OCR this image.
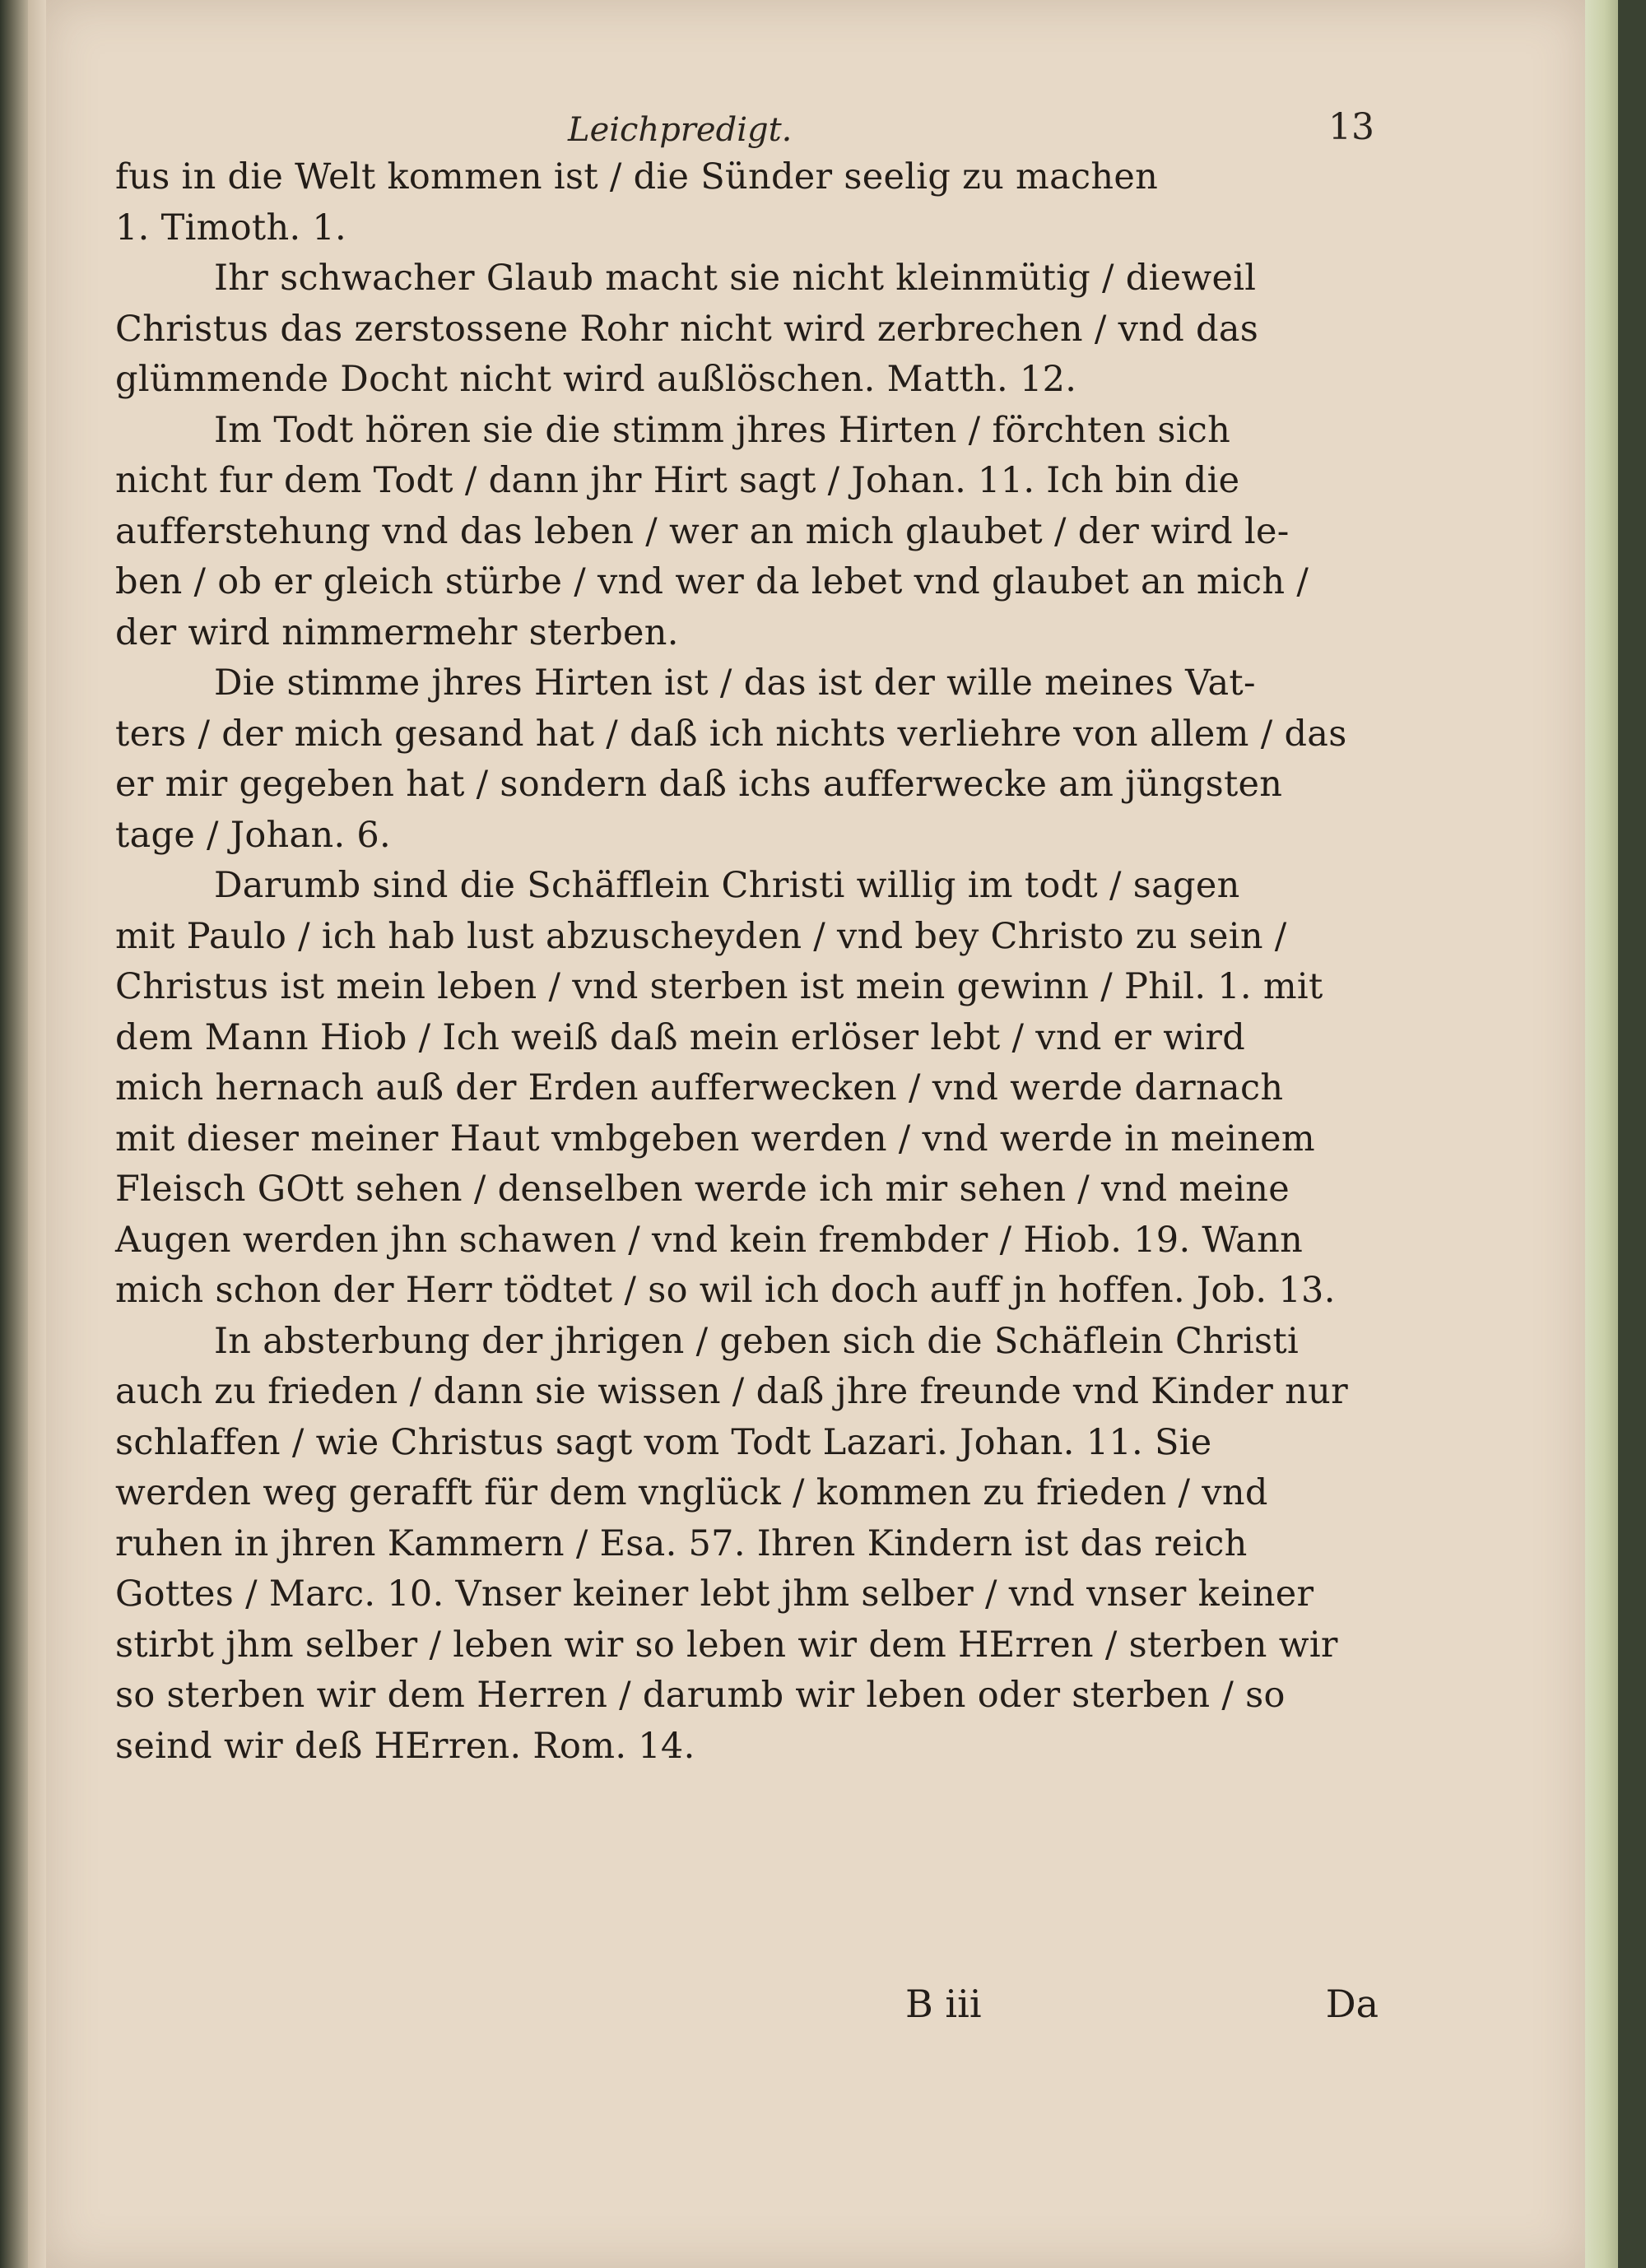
Leichpredigt.	13

fus in die Welt kommen ist / die Sünder seelig zu machen
1. Timoth. 1.

Ihr schwacher Glaub macht sie nicht kleinmütig / dieweil
Christus das zerstossene Rohr nicht wird zerbrechen / vnd das
glümmende Docht nicht wird außlöschen. Matth. 12.

Im Todt hören sie die stimm jhres Hirten / förchten sich
nicht fur dem Todt / dann jhr Hirt sagt / Johan. 11. Ich bin die
aufferstehung vnd das leben / wer an mich glaubet / der wird le-
ben / ob er gleich stürbe / vnd wer da lebet vnd glaubet an mich /
der wird nimmermehr sterben.

Die stimme jhres Hirten ist / das ist der wille meines Vat-
ters / der mich gesand hat / daß ich nichts verliehre von allem / das
er mir gegeben hat / sondern daß ichs aufferwecke am jüngsten
tage / Johan. 6.

Darumb sind die Schäfflein Christi willig im todt / sagen
mit Paulo / ich hab lust abzuscheyden / vnd bey Christo zu sein /
Christus ist mein leben / vnd sterben ist mein gewinn / Phil. 1. mit
dem Mann Hiob / Ich weiß daß mein erlöser lebt / vnd er wird
mich hernach auß der Erden aufferwecken / vnd werde darnach
mit dieser meiner Haut vmbgeben werden / vnd werde in meinem
Fleisch GOtt sehen / denselben werde ich mir sehen / vnd meine
Augen werden jhn schawen / vnd kein frembder / Hiob. 19. Wann
mich schon der Herr tödtet / so wil ich doch auff jn hoffen. Job. 13.

In absterbung der jhrigen / geben sich die Schäflein Christi
auch zu frieden / dann sie wissen / daß jhre freunde vnd Kinder nur
schlaffen / wie Christus sagt vom Todt Lazari. Johan. 11. Sie
werden weg gerafft für dem vnglück / kommen zu frieden / vnd
ruhen in jhren Kammern / Esa. 57. Ihren Kindern ist das reich
Gottes / Marc. 10. Vnser keiner lebt jhm selber / vnd vnser keiner
stirbt jhm selber / leben wir so leben wir dem HErren / sterben wir
so sterben wir dem Herren / darumb wir leben oder sterben / so
seind wir deß HErren. Rom. 14.

B iii	Da
